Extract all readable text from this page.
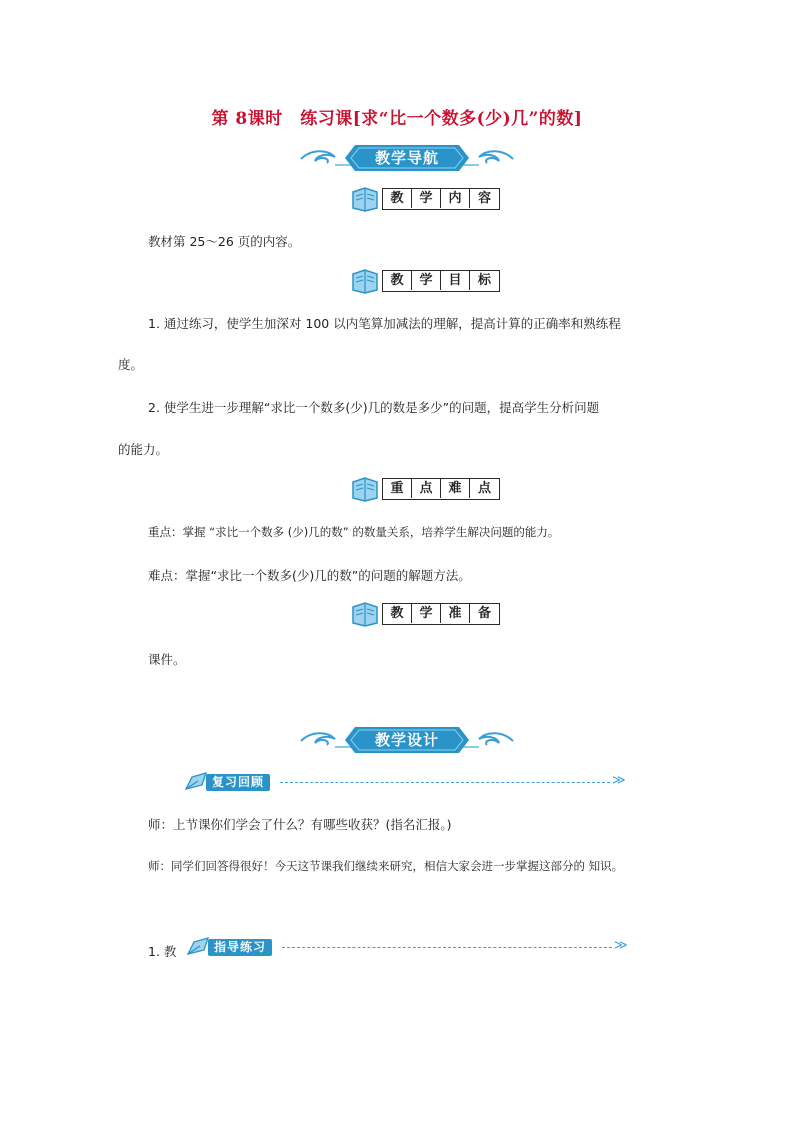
第 8课时　练习课[求“比一个数多(少)几”的数]
教学导航
教	学	内	容
教材第 25～26 页的内容。
教	学	目	标
1. 通过练习，使学生加深对 100 以内笔算加减法的理解，提高计算的正确率和熟练程
度。
2. 使学生进一步理解“求比一个数多(少)几的数是多少”的问题，提高学生分析问题
的能力。
重	点	难	点
重点：掌握 “求比一个数多 (少)几的数” 的数量关系，培养学生解决问题的能力。
难点：掌握“求比一个数多(少)几的数”的问题的解题方法。
教	学	准	备
课件。
教学设计
复习回顾	≫
师：上节课你们学会了什么？有哪些收获？(指名汇报。)
师：同学们回答得很好！今天这节课我们继续来研究，相信大家会进一步掌握这部分的 知识。
1. 教	指导练习	≫
